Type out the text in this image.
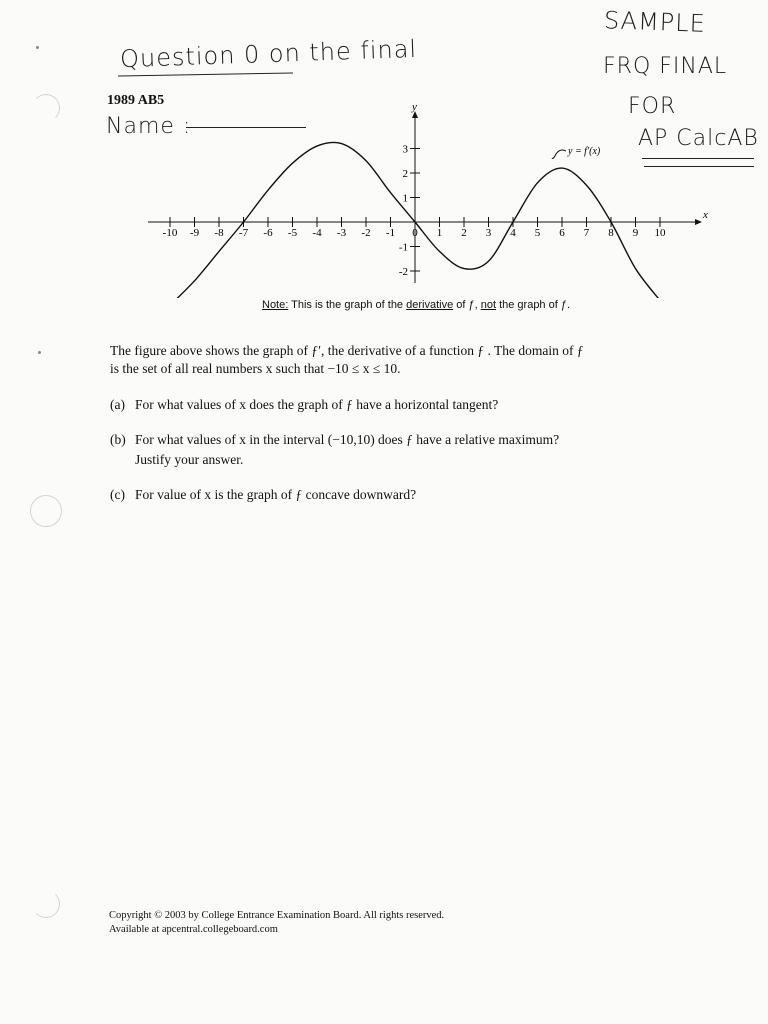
Question 0 on the final
SAMPLE
FRQ FINAL
FOR
AP CalcAB
1989 AB5
Name :
-10 -9 -8 -7 -6 -5 -4 -3 -2 -1 0 1 2 3 4 5 6 7 8 9 10
3
2
1
-1
-2
x
y
y = f′(x)
Note: This is the graph of the derivative of ƒ, not the graph of ƒ.
The figure above shows the graph of ƒ′, the derivative of a function ƒ . The domain of ƒ
is the set of all real numbers x such that −10 ≤ x ≤ 10.
(a) For what values of x does the graph of ƒ have a horizontal tangent?
(b) For what values of x in the interval (−10,10) does ƒ have a relative maximum?
Justify your answer.
(c) For value of x is the graph of ƒ concave downward?
Copyright © 2003 by College Entrance Examination Board. All rights reserved.
Available at apcentral.collegeboard.com
